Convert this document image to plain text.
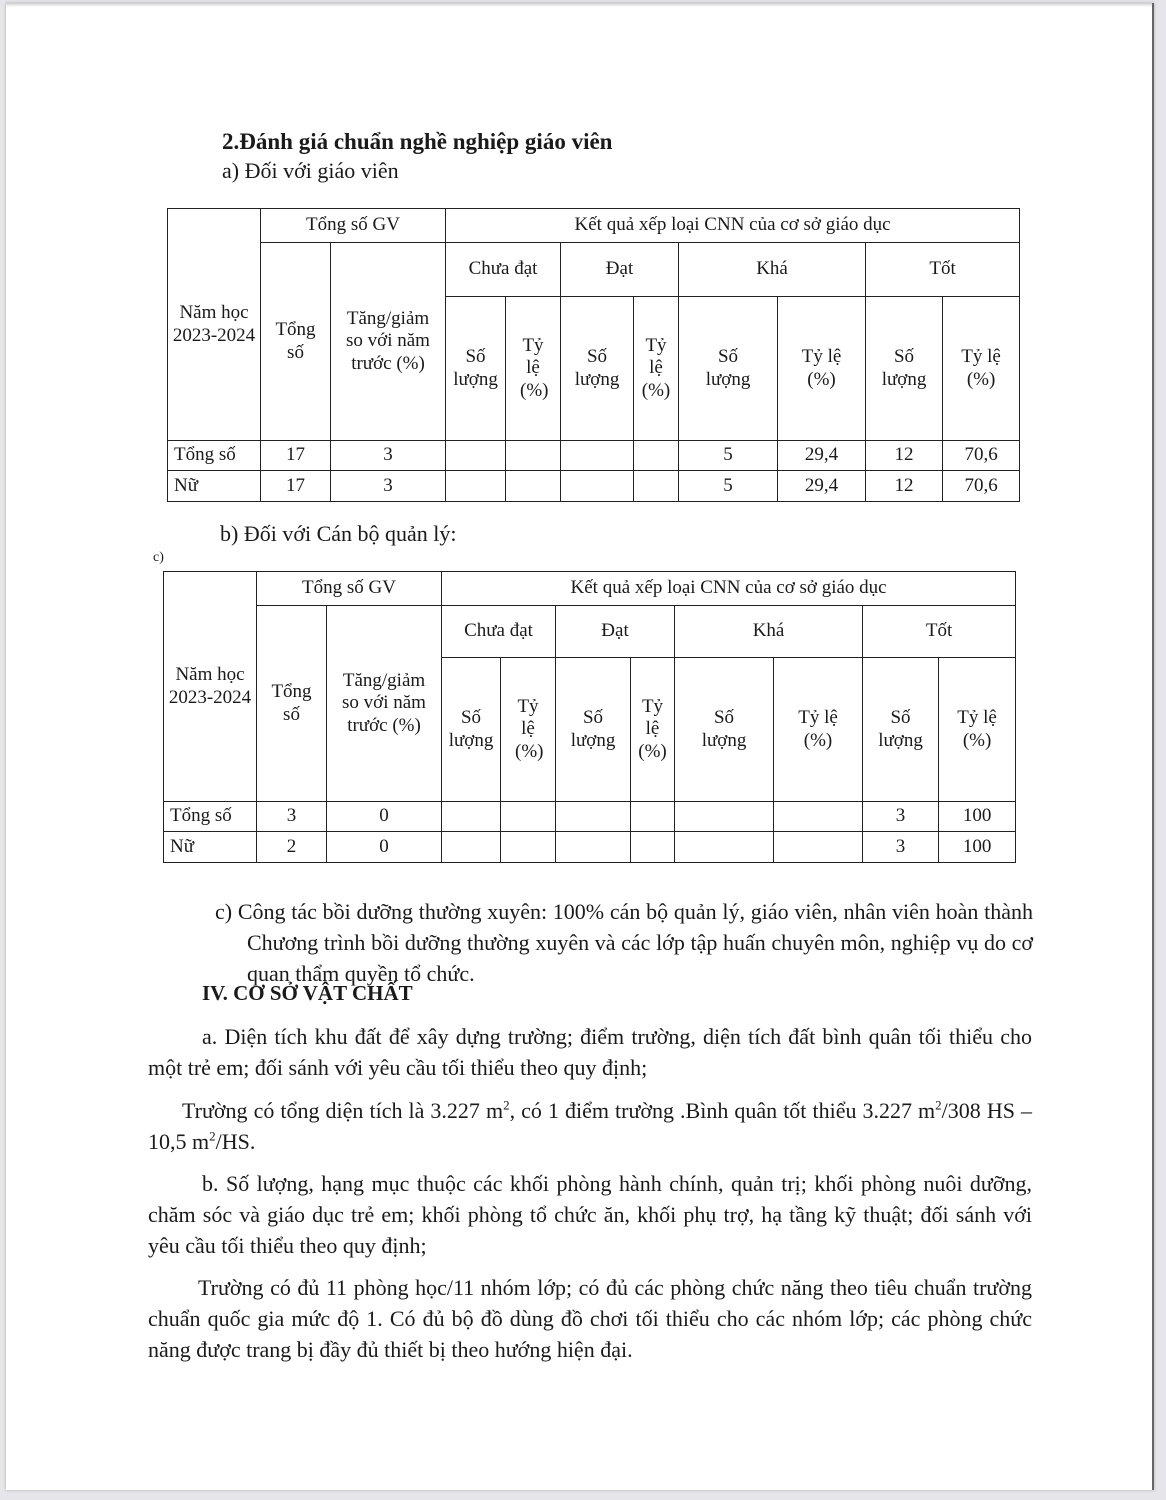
2.Đánh giá chuẩn nghề nghiệp giáo viên
a) Đối với giáo viên
Năm học 2023-2024	Tổng số GV		Kết quả xếp loại CNN của cơ sở giáo dục							
	Tổng số	Tăng/giảm so với năm trước (%)	Chưa đạt		Đạt		Khá		Tốt	
			Số lượng	Tỷ lệ (%)	Số lượng	Tỷ lệ (%)	Số lượng	Tỷ lệ (%)	Số lượng	Tỷ lệ (%)
Tổng số	17	3					5	29,4	12	70,6
Nữ	17	3					5	29,4	12	70,6
b) Đối với Cán bộ quản lý:
c)
Năm học 2023-2024	Tổng số GV		Kết quả xếp loại CNN của cơ sở giáo dục							
	Tổng số	Tăng/giảm so với năm trước (%)	Chưa đạt		Đạt		Khá		Tốt	
			Số lượng	Tỷ lệ (%)	Số lượng	Tỷ lệ (%)	Số lượng	Tỷ lệ (%)	Số lượng	Tỷ lệ (%)
Tổng số	3	0							3	100
Nữ	2	0							3	100
c) Công tác bồi dưỡng thường xuyên: 100% cán bộ quản lý, giáo viên, nhân viên hoàn thành Chương trình bồi dưỡng thường xuyên và các lớp tập huấn chuyên môn, nghiệp vụ do cơ quan thẩm quyền tổ chức.
IV. CƠ SỞ VẬT CHẤT
a. Diện tích khu đất để xây dựng trường; điểm trường, diện tích đất bình quân tối thiểu cho một trẻ em; đối sánh với yêu cầu tối thiểu theo quy định;
Trường có tổng diện tích là 3.227 $m^2$, có 1 điểm trường .Bình quân tốt thiểu 3.227 $m^2/308$ HS – 10,5 $m^2/HS$.
b. Số lượng, hạng mục thuộc các khối phòng hành chính, quản trị; khối phòng nuôi dưỡng, chăm sóc và giáo dục trẻ em; khối phòng tổ chức ăn, khối phụ trợ, hạ tầng kỹ thuật; đối sánh với yêu cầu tối thiểu theo quy định;
Trường có đủ 11 phòng học/11 nhóm lớp; có đủ các phòng chức năng theo tiêu chuẩn trường chuẩn quốc gia mức độ 1. Có đủ bộ đồ dùng đồ chơi tối thiểu cho các nhóm lớp; các phòng chức năng được trang bị đầy đủ thiết bị theo hướng hiện đại.
